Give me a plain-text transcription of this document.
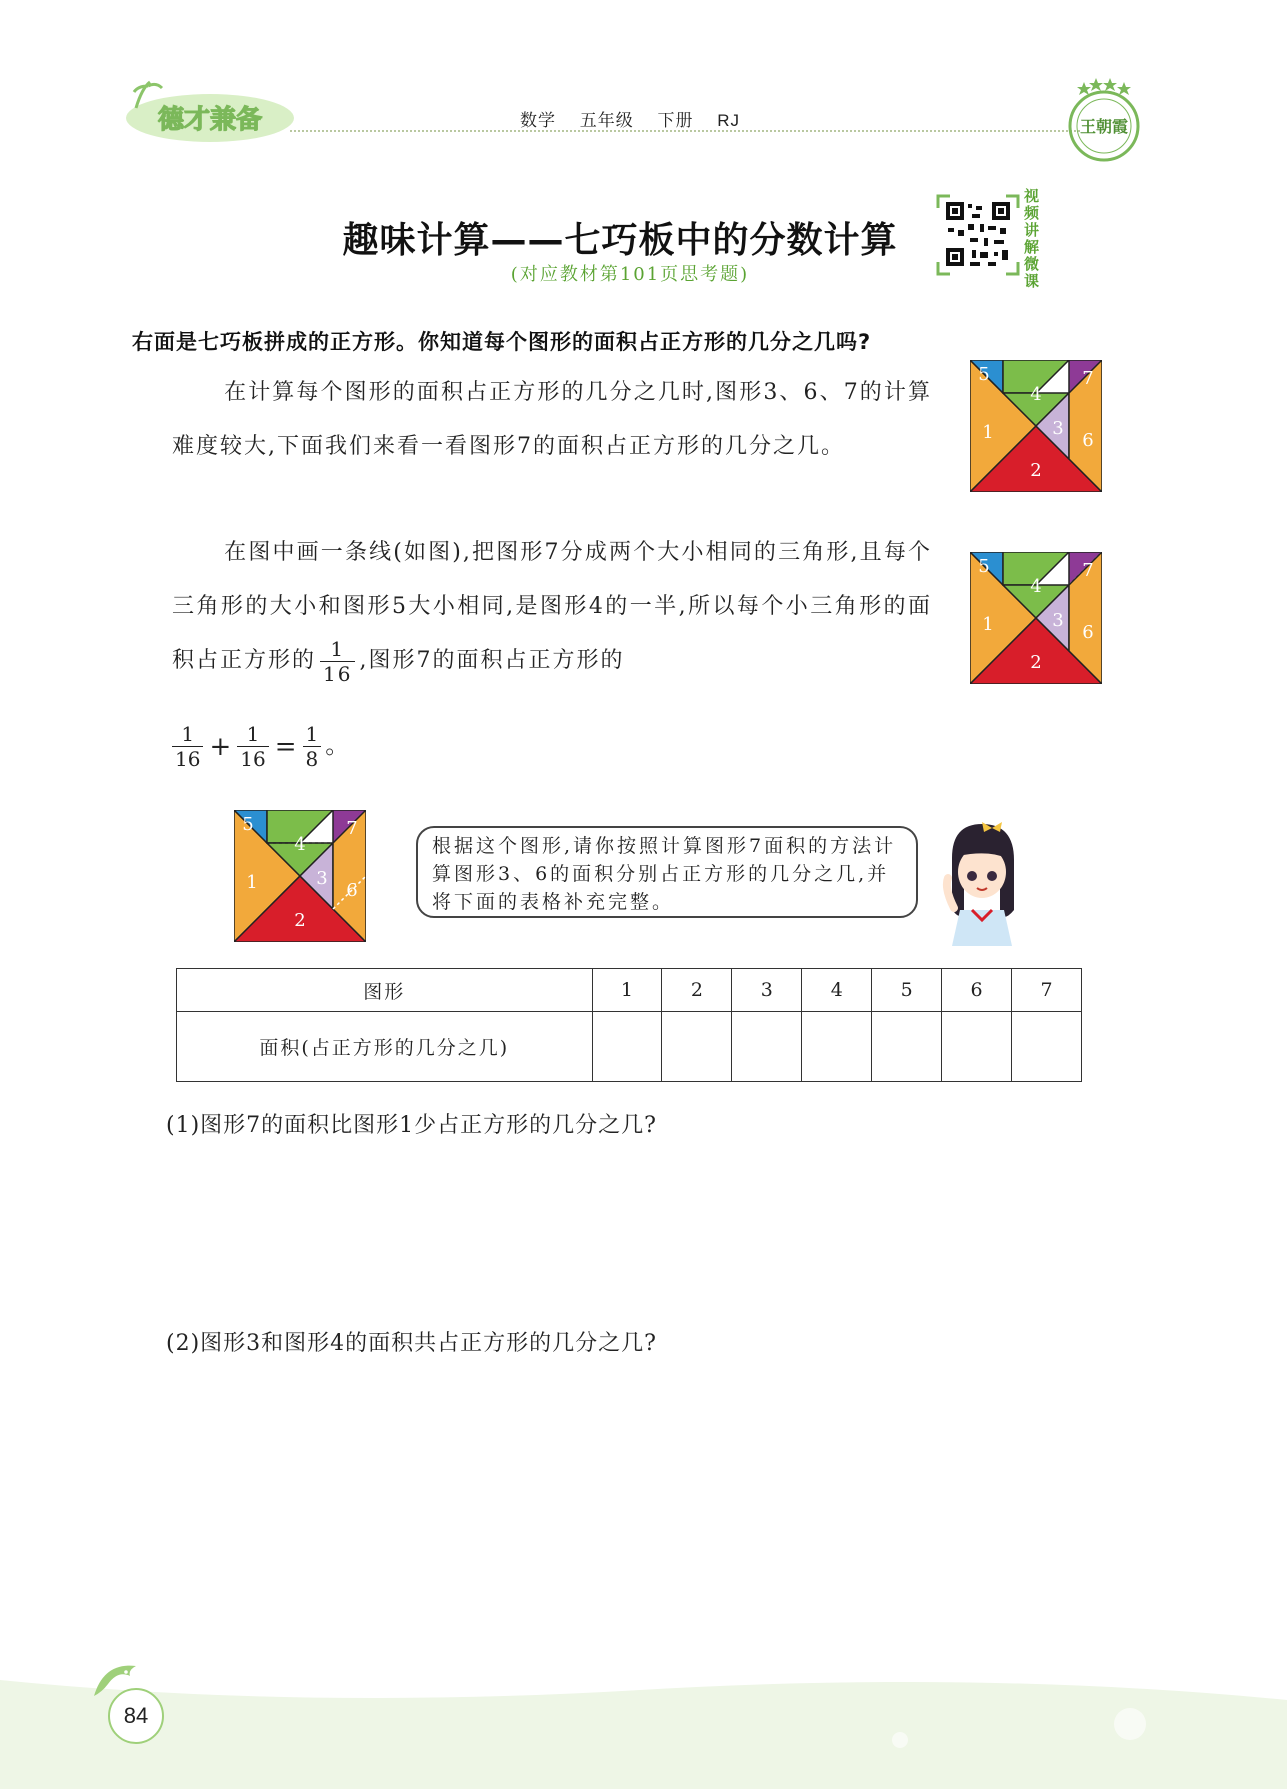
德才兼备	数学 五年级 下册 RJ	王朝霞
趣味计算——七巧板中的分数计算
(对应教材第101页思考题)
视频讲解微课
右面是七巧板拼成的正方形。你知道每个图形的面积占正方形的几分之几吗?
在计算每个图形的面积占正方形的几分之几时,图形3、6、7的计算难度较大,下面我们来看一看图形7的面积占正方形的几分之几。
在图中画一条线(如图),把图形7分成两个大小相同的三角形,且每个三角形的大小和图形5大小相同,是图形4的一半,所以每个小三角形的面积占正方形的 $\frac{1}{16}$ ,图形7的面积占正方形的
$\frac{1}{16} + \frac{1}{16} = \frac{1}{8}$ 。
1
2
3
4
5
6
7
1
2
3
4
5
6
7
1
2
3
4
5
6
7
根据这个图形,请你按照计算图形7面积的方法计算图形3、6的面积分别占正方形的几分之几,并将下面的表格补充完整。
图形	1	2	3	4	5	6	7
面积(占正方形的几分之几)							
(1)图形7的面积比图形1少占正方形的几分之几?
(2)图形3和图形4的面积共占正方形的几分之几?
84
